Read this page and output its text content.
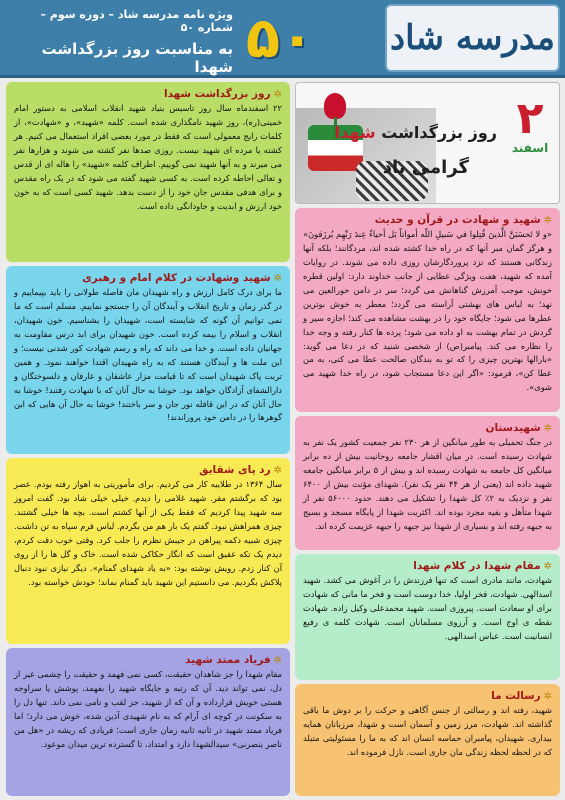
مدرسه شاد
۵۰
ویژه نامه مدرسه شاد – دوره سوم – شماره ۵۰
به مناسبت روز بزرگداشت شهدا
✲
روز بزرگداشت شهدا

۲۲ اسفندماه سال روز تاسیس بنیاد شهید انقلاب اسلامی به دستور امام خمینی(ره)، روز شهید نامگذاری شده است. کلمه «شهید»، و «شهادت»، از کلمات رایج معمولی است که فقط در مورد بعضی افراد استعمال می کنیم. هر کشته یا مرده ای شهید نیست. روزی صدها نفر کشته می شوند و هزارها نفر می میرند و به آنها شهید نمی گوییم. اطراف کلمه «شهید» را هاله ای از قدس و تعالی احاطه کرده است. به کسی شهید گفته می شود که در یک راه مقدس و برای هدفی مقدس جان خود را از دست بدهد. شهید کسی است که به خون خود ارزش و ابدیت و جاودانگی داده است.

✲
شهید وشهادت در کلام امام و رهبری

ما برای درک کامل ارزش و راه شهیدان مان فاصله طولانی را باید بپیماییم و در گذر زمان و تاریخ انقلاب و آیندگان آن را جستجو نماییم. مسلم است که ما نمی توانیم آن گونه که شایسته است، شهیدان را بشناسیم. خون شهیدان، انقلاب و اسلام را بیمه کرده است. خون شهیدان برای ابد درس مقاومت به جهانیان داده است. و خدا می داند که راه و رسم شهادت کور شدنی نیست؛ و این ملت ها و آیندگان هستند که به راه شهیدان اقتدا خواهند نمود. و همین تربت پاک شهیدان است که تا قیامت مزار عاشقان و عارفان و دلسوختگان و دارالشفای آزادگان خواهد بود. خوشا به حال آنان که با شهادت رفتند! خوشا به حال آنان که در این قافله نور جان و سر باختند! خوشا به حال آن هایی که این گوهرها را در دامن خود پروراندند!

✲
رد پای شقایق

سال ۱۳۶۴ در طلاییه کار می کردیم. برای مأموریتی به اهواز رفته بودم. عصر بود که برگشتم مقر. شهید غلامی را دیدم. خیلی خیلی شاد بود. گفت امروز سه شهید پیدا کردیم که فقط یکی از آنها کشتم است. بچه ها خیلی گشتند. چیزی همراهش نبود. گفتم یک بار هم من بگردم. لباس فرم سپاه به تن داشت. چیزی شبیه دکمه پیراهن در جیبش نظرم را جلب کرد. وقتی خوب دقت کردم، دیدم یک تکه عقیق است که انگار حکاکی شده است. خاک و گل ها را از روی آن کنار زدم. رویش نوشته بود: «به یاد شهدای گمنام». دیگر نیازی نبود دنبال پلاکش بگردیم. می دانستیم این شهید باید گمنام بماند؛ خودش خواسته بود.

✲
فریاد ممتد شهید

مقام شهدا را جز شاهدان حقیقت، کسی نمی فهمد و حقیقت را چشمی غیر از دل، نمی تواند دید. آن که رتبه و جایگاه شهید را بفهمد، پوشش یا سراوجه هستی خویش قرارداده و آن که از شهید، جز لقب و نامی نمی داند. تنها دل را به سکونت در کوچه ای آرام که به نام شهیدی آذین شده، خوش می دارد؛ اما فریاد ممتد شهید در ثانیه ثانیه زمان جاری است؛ فریادی که ریشه در «هل من ناصر ینصرنی» سیدالشهدا دارد و امتداد، تا گسترده ترین میدان موعود.

روز بزرگداشت شهدا
گرامی باد
۲
اسفند
✲
شهید و شهادت در قرآن و حدیث

«و لا تَحسَبَنَّ الَّذينَ قُتِلوا في سَبيلِ اللّه أمواتاً بَل أحياءٌ عِندَ رَبِّهِم يُرزَقونَ» و هرگز گمان مبر آنها که در راه خدا کشته شده اند، مردگانند؛ بلکه آنها زندگانی هستند که نزد پروردگارشان روزی داده می شوند. در روایات آمده که شهید، هفت ویژگی عطایی از جانب خداوند دارد: اولین قطره خونش، موجب آمرزش گناهانش می گردد؛ سر در دامن حورالعین می نهد؛ به لباس های بهشتی آراسته می گردد؛ معطر به خوش بوترین عطرها می شود؛ جایگاه خود را در بهشت مشاهده می کند؛ اجازه سیر و گردش در تمام بهشت به او داده می شود؛ پرده ها کنار رفته و وجه خدا را نظاره می کند. پیامبر(ص) از شخصی شنید که در دعا می گوید: «بارالها بهترین چیزی را که تو به بندگان صالحت عطا می کنی، به من عطا کن»، فرمود: «اگر این دعا مستجاب شود، در راه خدا شهید می شوی».

✲
شهیدستان

در جنگ تحمیلی به طور میانگین از هر ۲۳۰ نفر جمعیت کشور یک نفر به شهادت رسیده است. در میان اقشار جامعه روحانیت بیش از ده برابر میانگین کل جامعه به شهادت رسیده اند و بیش از ۵ برابر میانگین جامعه شهید داده اند (یعنی از هر ۴۴ نفر یک نفر). شهدای مؤنث بیش از ۶۴۰۰ نفر و نزدیک به ۲٪ کل شهدا را تشکیل می دهند. حدود ۵۶۰۰۰ نفر از شهدا متأهل و بقیه مجرد بوده اند. اکثریت شهدا از پایگاه مسجد و بسیج به جبهه رفته اند و بسیاری از شهدا نیز جبهه را جبهه عزیمت کرده اند.

✲
مقام شهدا در کلام شهدا

شهادت، مانند مادری است که تنها فرزندش را در آغوش می کشد. شهید اسدالهی. شهادت، فخر اولیا، خدا دوست است و فخر ما مانی که شهادت برای او سعادت است. پیروزی است. شهید محمدعلی وکیل زاده. شهادت نقطه ی اوج است. و آرزوی مسلمانان است. شهادت کلمه ی رفیع انسانیت است. عباس اسدالهی.

✲
رسالت ما

شهید، رفته اند و رسالتی از جنس آگاهی و حرکت را بر دوش ما باقی گذاشته اند. شهادت، مرز زمین و آسمان است و شهدا، مرزبانان همایه بیداری. شهیدان، پیامبران حماسه انسان اند که به ما را مسئولیتی متبلد که در لحظه لحظه زندگی مان جاری است. نازل فرموده اند.
